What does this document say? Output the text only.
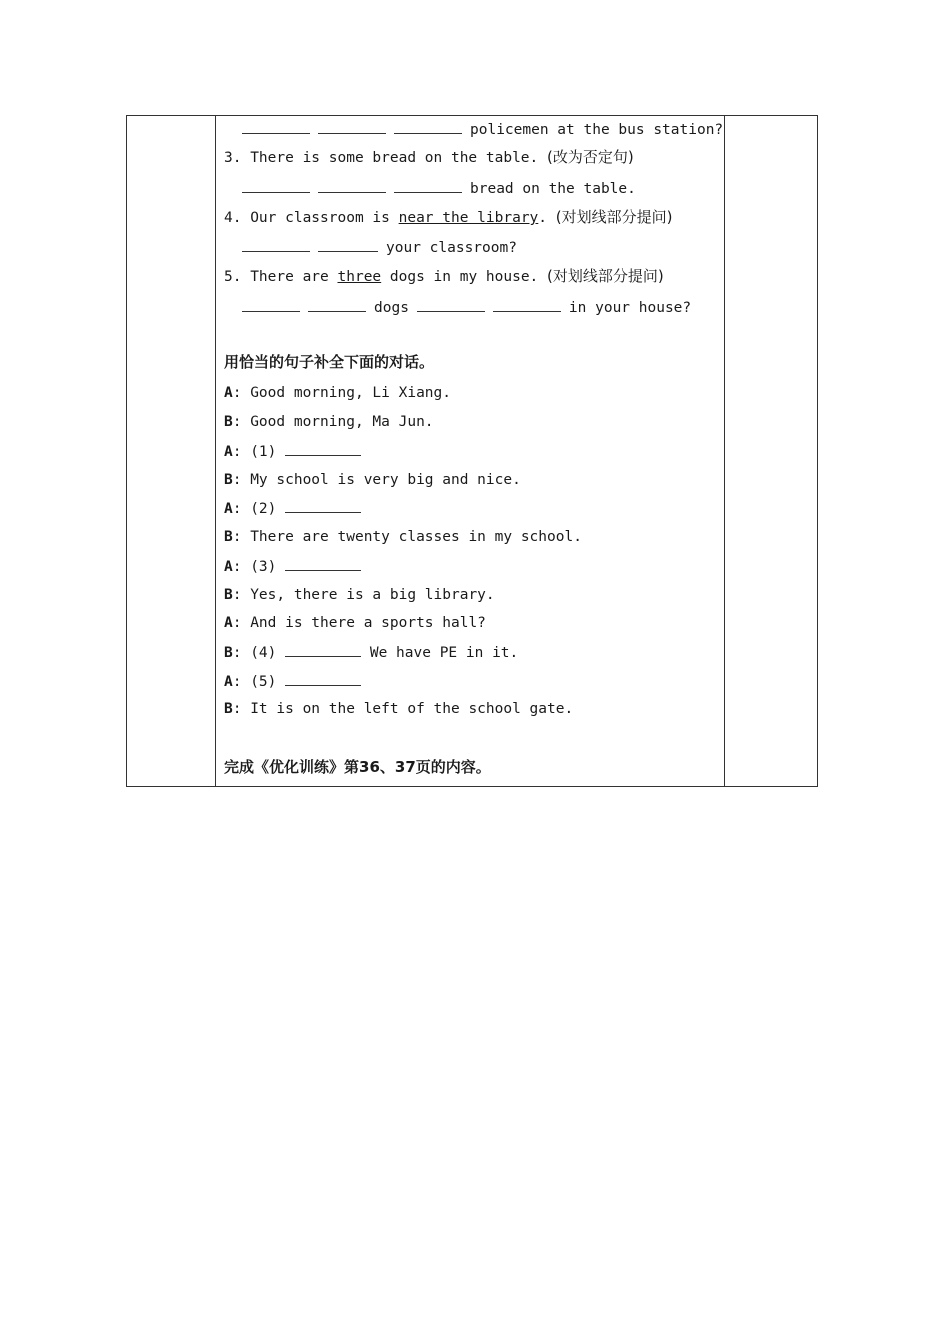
policemen at the bus station?
3. There is some bread on the table. (改为否定句)
bread on the table.
4. Our classroom is near the library. (对划线部分提问)
your classroom?
5. There are three dogs in my house. (对划线部分提问)
dogs	in your house?
用恰当的句子补全下面的对话。
A: Good morning, Li Xiang.
B: Good morning, Ma Jun.
A: (1)
B: My school is very big and nice.
A: (2)
B: There are twenty classes in my school.
A: (3)
B: Yes, there is a big library.
A: And is there a sports hall?
B: (4)	We have PE in it.
A: (5)
B: It is on the left of the school gate.
完成《优化训练》第36、37页的内容。
